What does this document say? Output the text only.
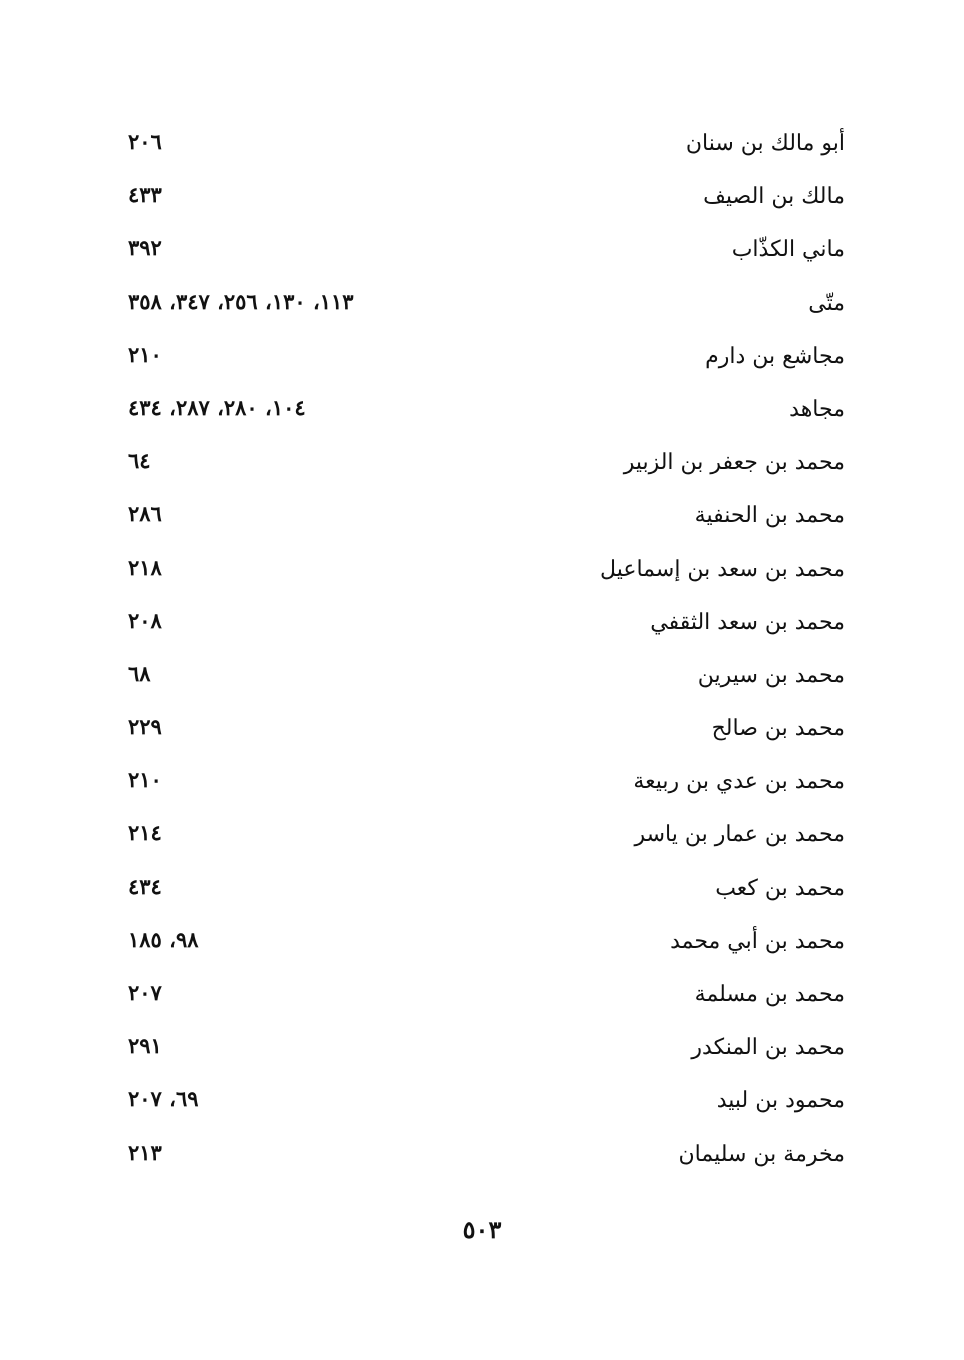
أبو مالك بن سنان
٢٠٦
مالك بن الصيف
٤٣٣
ماني الكذّاب
٣٩٢
متّى
١١٣، ١٣٠، ٢٥٦، ٣٤٧، ٣٥٨
مجاشع بن دارم
٢١٠
مجاهد
١٠٤، ٢٨٠، ٢٨٧، ٤٣٤
محمد بن جعفر بن الزبير
٦٤
محمد بن الحنفية
٢٨٦
محمد بن سعد بن إسماعيل
٢١٨
محمد بن سعد الثقفي
٢٠٨
محمد بن سيرين
٦٨
محمد بن صالح
٢٢٩
محمد بن عدي بن ربيعة
٢١٠
محمد بن عمار بن ياسر
٢١٤
محمد بن كعب
٤٣٤
محمد بن أبي محمد
٩٨، ١٨٥
محمد بن مسلمة
٢٠٧
محمد بن المنكدر
٢٩١
محمود بن لبيد
٦٩، ٢٠٧
مخرمة بن سليمان
٢١٣
٥٠٣
